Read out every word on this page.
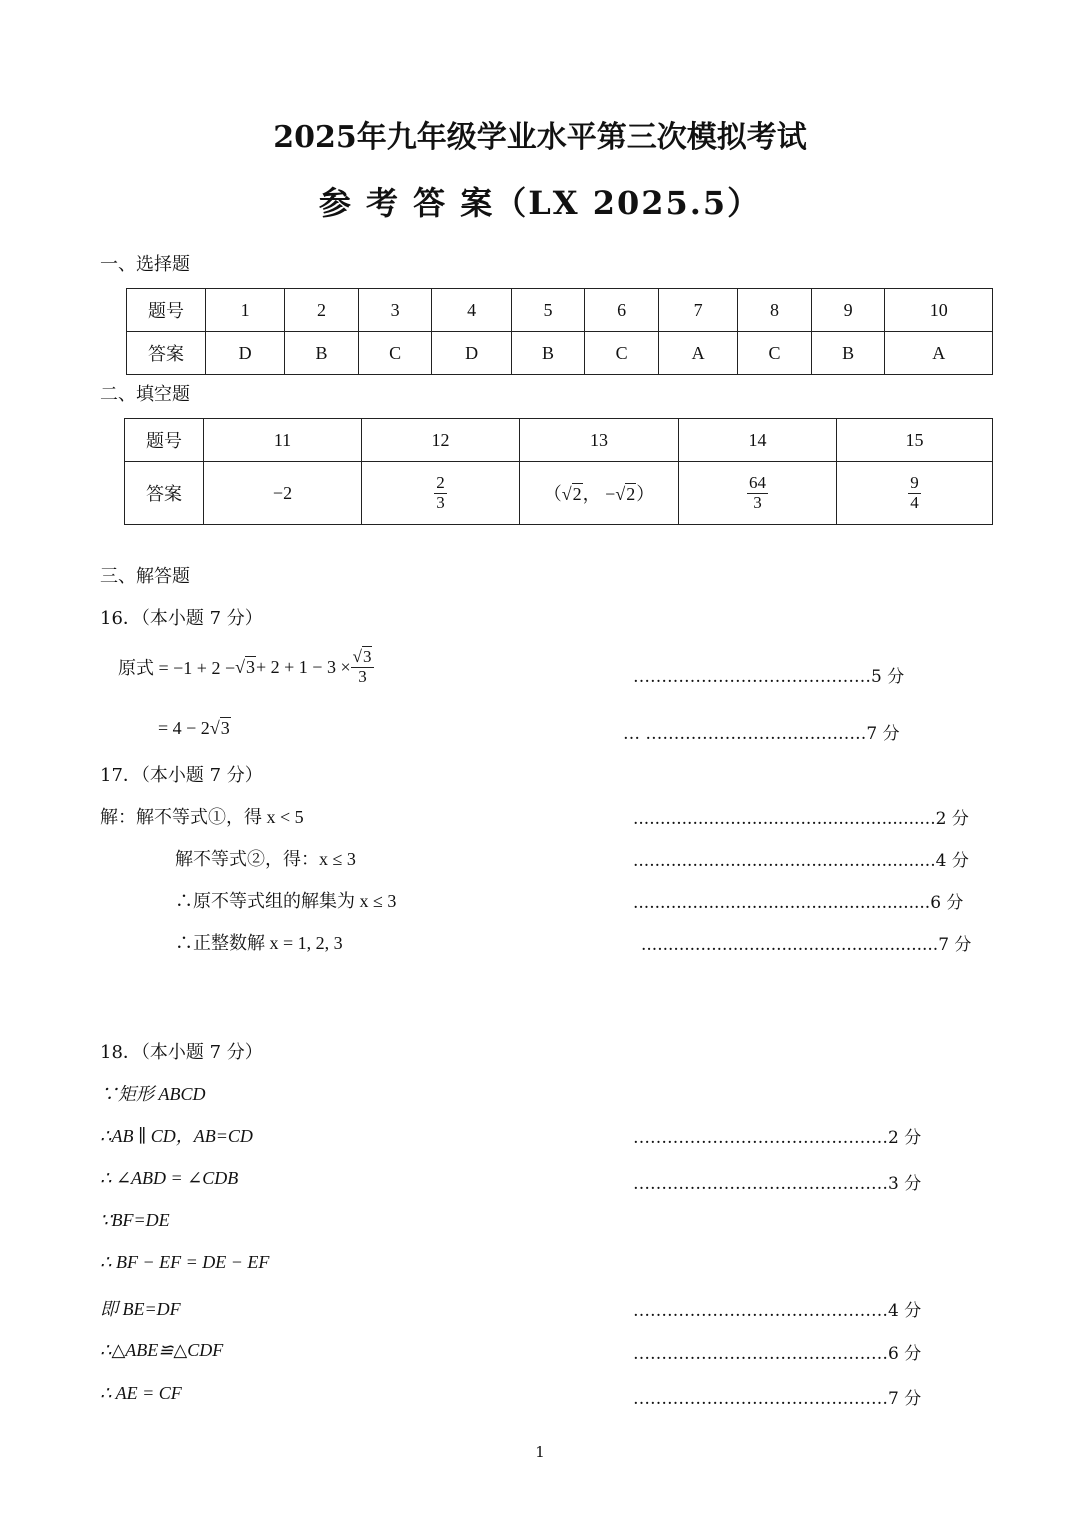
2025年九年级学业水平第三次模拟考试
参 考 答 案（LX 2025.5）
一、选择题
题号	1	2	3	4	5	6	7	8	9	10
答案	D	B	C	D	B	C	A	C	B	A
二、填空题
题号	11	12	13	14	15
答案	−2	$\frac{2}{3}$	（√2， −√2）	$\frac{64}{3}$	$\frac{9}{4}$
三、解答题
16．（本小题 7 分）
原式 = $-1 + 2 - √3 + 2 + 1 - 3 \times \frac{√3}{3}$	……………………………………5 分
= 4 − 2√3	… …………………………………7 分
17．（本小题 7 分）
解：解不等式①，得 x < 5	........................................................2 分
解不等式②，得：x ≤ 3	........................................................4 分
∴原不等式组的解集为 x ≤ 3	.......................................................6 分
∴正整数解 x = 1, 2, 3	.......................................................7 分
18．（本小题 7 分）
∵矩形 ABCD
∴AB ∥ CD，AB=CD	………………………………………2 分
∴ ∠ABD = ∠CDB	………………………………………3 分
∵BF=DE
∴ BF − EF = DE − EF
即 BE=DF	………………………………………4 分
∴△ABE≌△CDF	………………………………………6 分
∴ AE = CF	………………………………………7 分
1
